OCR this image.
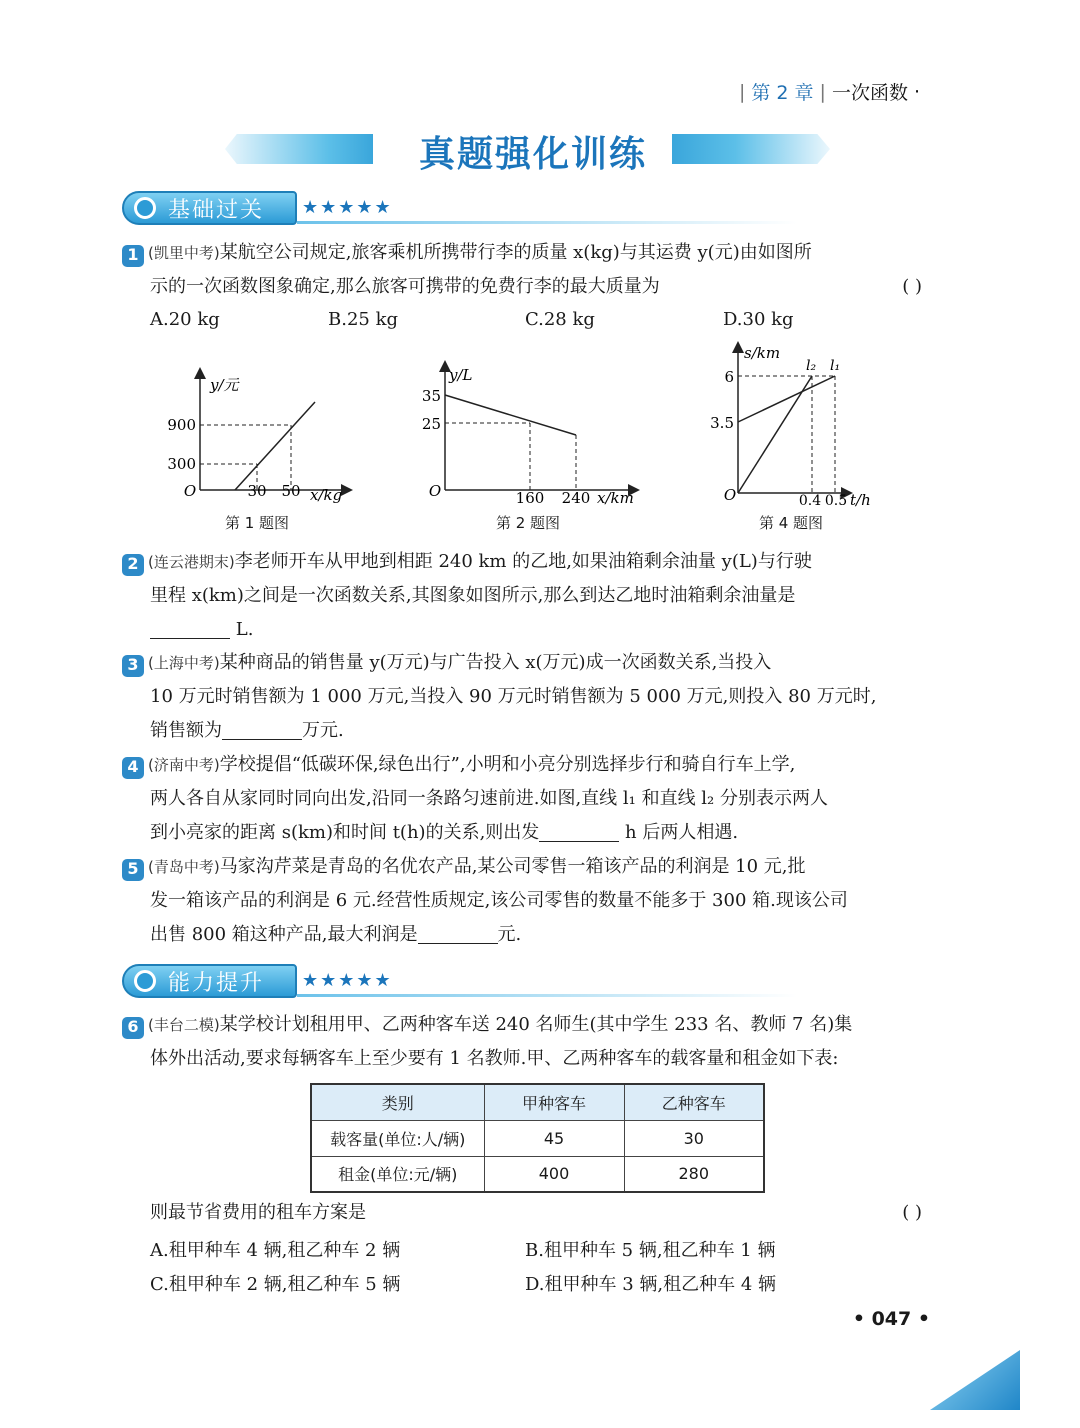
| 第 2 章 | 一次函数 ·
真题强化训练
基础过关 ★★★★★
1 (凯里中考)某航空公司规定,旅客乘机所携带行李的质量 x(kg)与其运费 y(元)由如图所
示的一次函数图象确定,那么旅客可携带的免费行李的最大质量为	( )
A.20 kg	B.25 kg	C.28 kg	D.30 kg
y/元
x/kg
O
900
300
30 50
第 1 题图
y/L
x/km
O
35
25
160 240
第 2 题图
s/km
t/h
O
6
3.5
0.4 0.5
l₂ l₁
第 4 题图
2 (连云港期末)李老师开车从甲地到相距 240 km 的乙地,如果油箱剩余油量 y(L)与行驶
里程 x(km)之间是一次函数关系,其图象如图所示,那么到达乙地时油箱剩余油量是
L.
3 (上海中考)某种商品的销售量 y(万元)与广告投入 x(万元)成一次函数关系,当投入
10 万元时销售额为 1 000 万元,当投入 90 万元时销售额为 5 000 万元,则投入 80 万元时,
销售额为	万元.
4 (济南中考)学校提倡“低碳环保,绿色出行”,小明和小亮分别选择步行和骑自行车上学,
两人各自从家同时同向出发,沿同一条路匀速前进.如图,直线 l₁ 和直线 l₂ 分别表示两人
到小亮家的距离 s(km)和时间 t(h)的关系,则出发	h 后两人相遇.
5 (青岛中考)马家沟芹菜是青岛的名优农产品,某公司零售一箱该产品的利润是 10 元,批
发一箱该产品的利润是 6 元.经营性质规定,该公司零售的数量不能多于 300 箱.现该公司
出售 800 箱这种产品,最大利润是	元.
能力提升 ★★★★★
6 (丰台二模)某学校计划租用甲、乙两种客车送 240 名师生(其中学生 233 名、教师 7 名)集
体外出活动,要求每辆客车上至少要有 1 名教师.甲、乙两种客车的载客量和租金如下表:
类别	甲种客车	乙种客车
载客量(单位:人/辆)	45	30
租金(单位:元/辆)	400	280
则最节省费用的租车方案是	( )
A.租甲种车 4 辆,租乙种车 2 辆	B.租甲种车 5 辆,租乙种车 1 辆
C.租甲种车 2 辆,租乙种车 5 辆	D.租甲种车 3 辆,租乙种车 4 辆
• 047 •
